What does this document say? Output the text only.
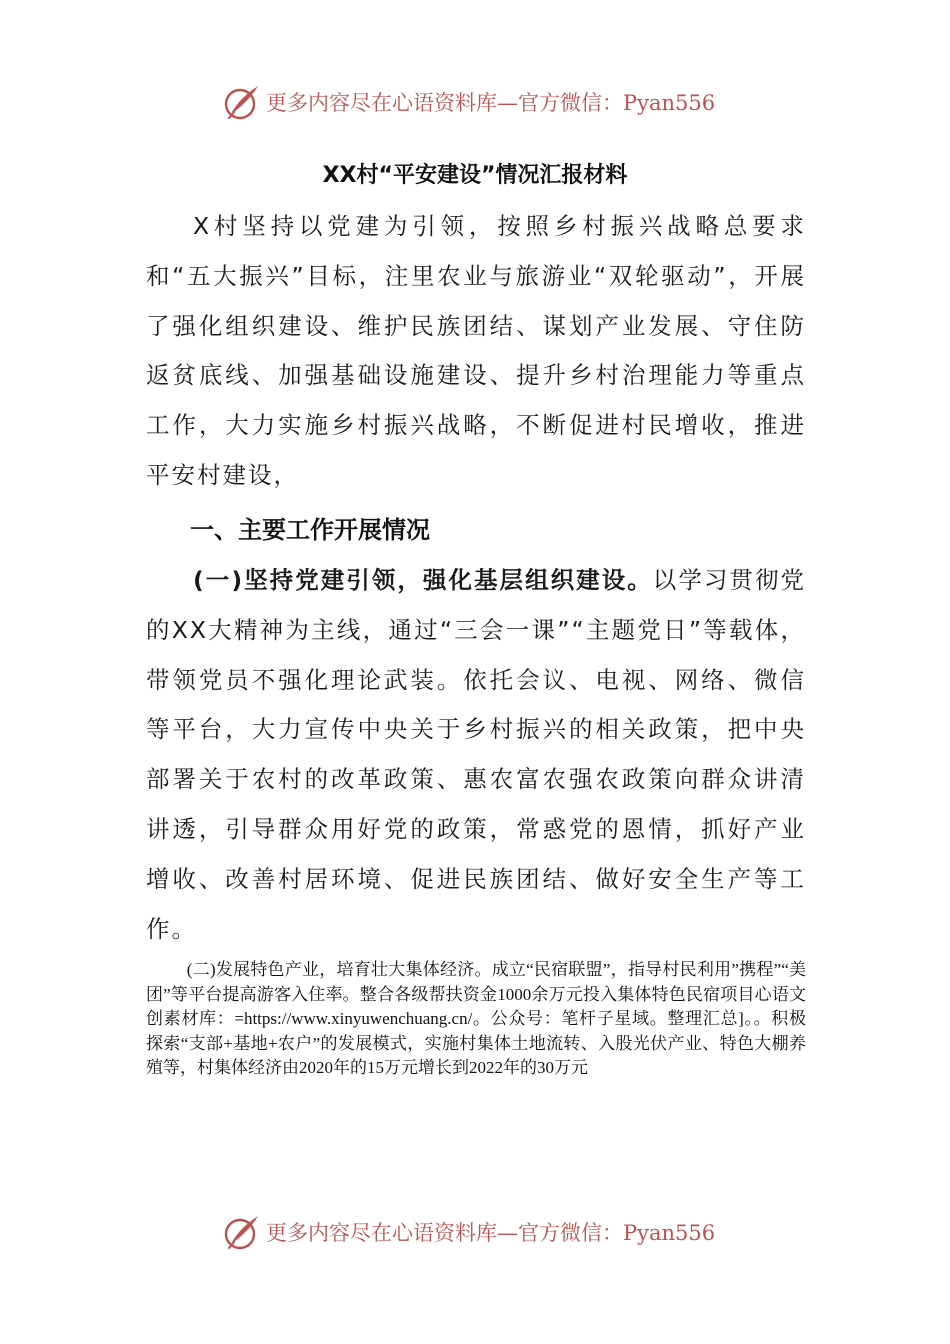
更多内容尽在心语资料库—官方微信：Pyan556
XX村“平安建设”情况汇报材料
X村坚持以党建为引领，按照乡村振兴战略总要求和“五大振兴”目标，注里农业与旅游业“双轮驱动”，开展了强化组织建设、维护民族团结、谋划产业发展、守住防返贫底线、加强基础设施建设、提升乡村治理能力等重点工作，大力实施乡村振兴战略，不断促进村民增收，推进平安村建设，
一、主要工作开展情况
(一)坚持党建引领，强化基层组织建设。以学习贯彻党的XX大精神为主线，通过“三会一课”“主题党日”等载体，带领党员不强化理论武装。依托会议、电视、网络、微信等平台，大力宣传中央关于乡村振兴的相关政策，把中央部署关于农村的改革政策、惠农富农强农政策向群众讲清讲透，引导群众用好党的政策，常惑党的恩情，抓好产业增收、改善村居环境、促进民族团结、做好安全生产等工作。
(二)发展特色产业，培育壮大集体经济。成立“民宿联盟”，指导村民利用”携程”“美团”等平台提高游客入住率。整合各级帮扶资金1000余万元投入集体特色民宿项目心语文创素材库：=https://www.xinyuwenchuang.cn/。公众号：笔杆子星域。整理汇总]。。积极探索“支部+基地+农户”的发展模式，实施村集体土地流转、入股光伏产业、特色大棚养殖等，村集体经济由2020年的15万元增长到2022年的30万元
更多内容尽在心语资料库—官方微信：Pyan556
